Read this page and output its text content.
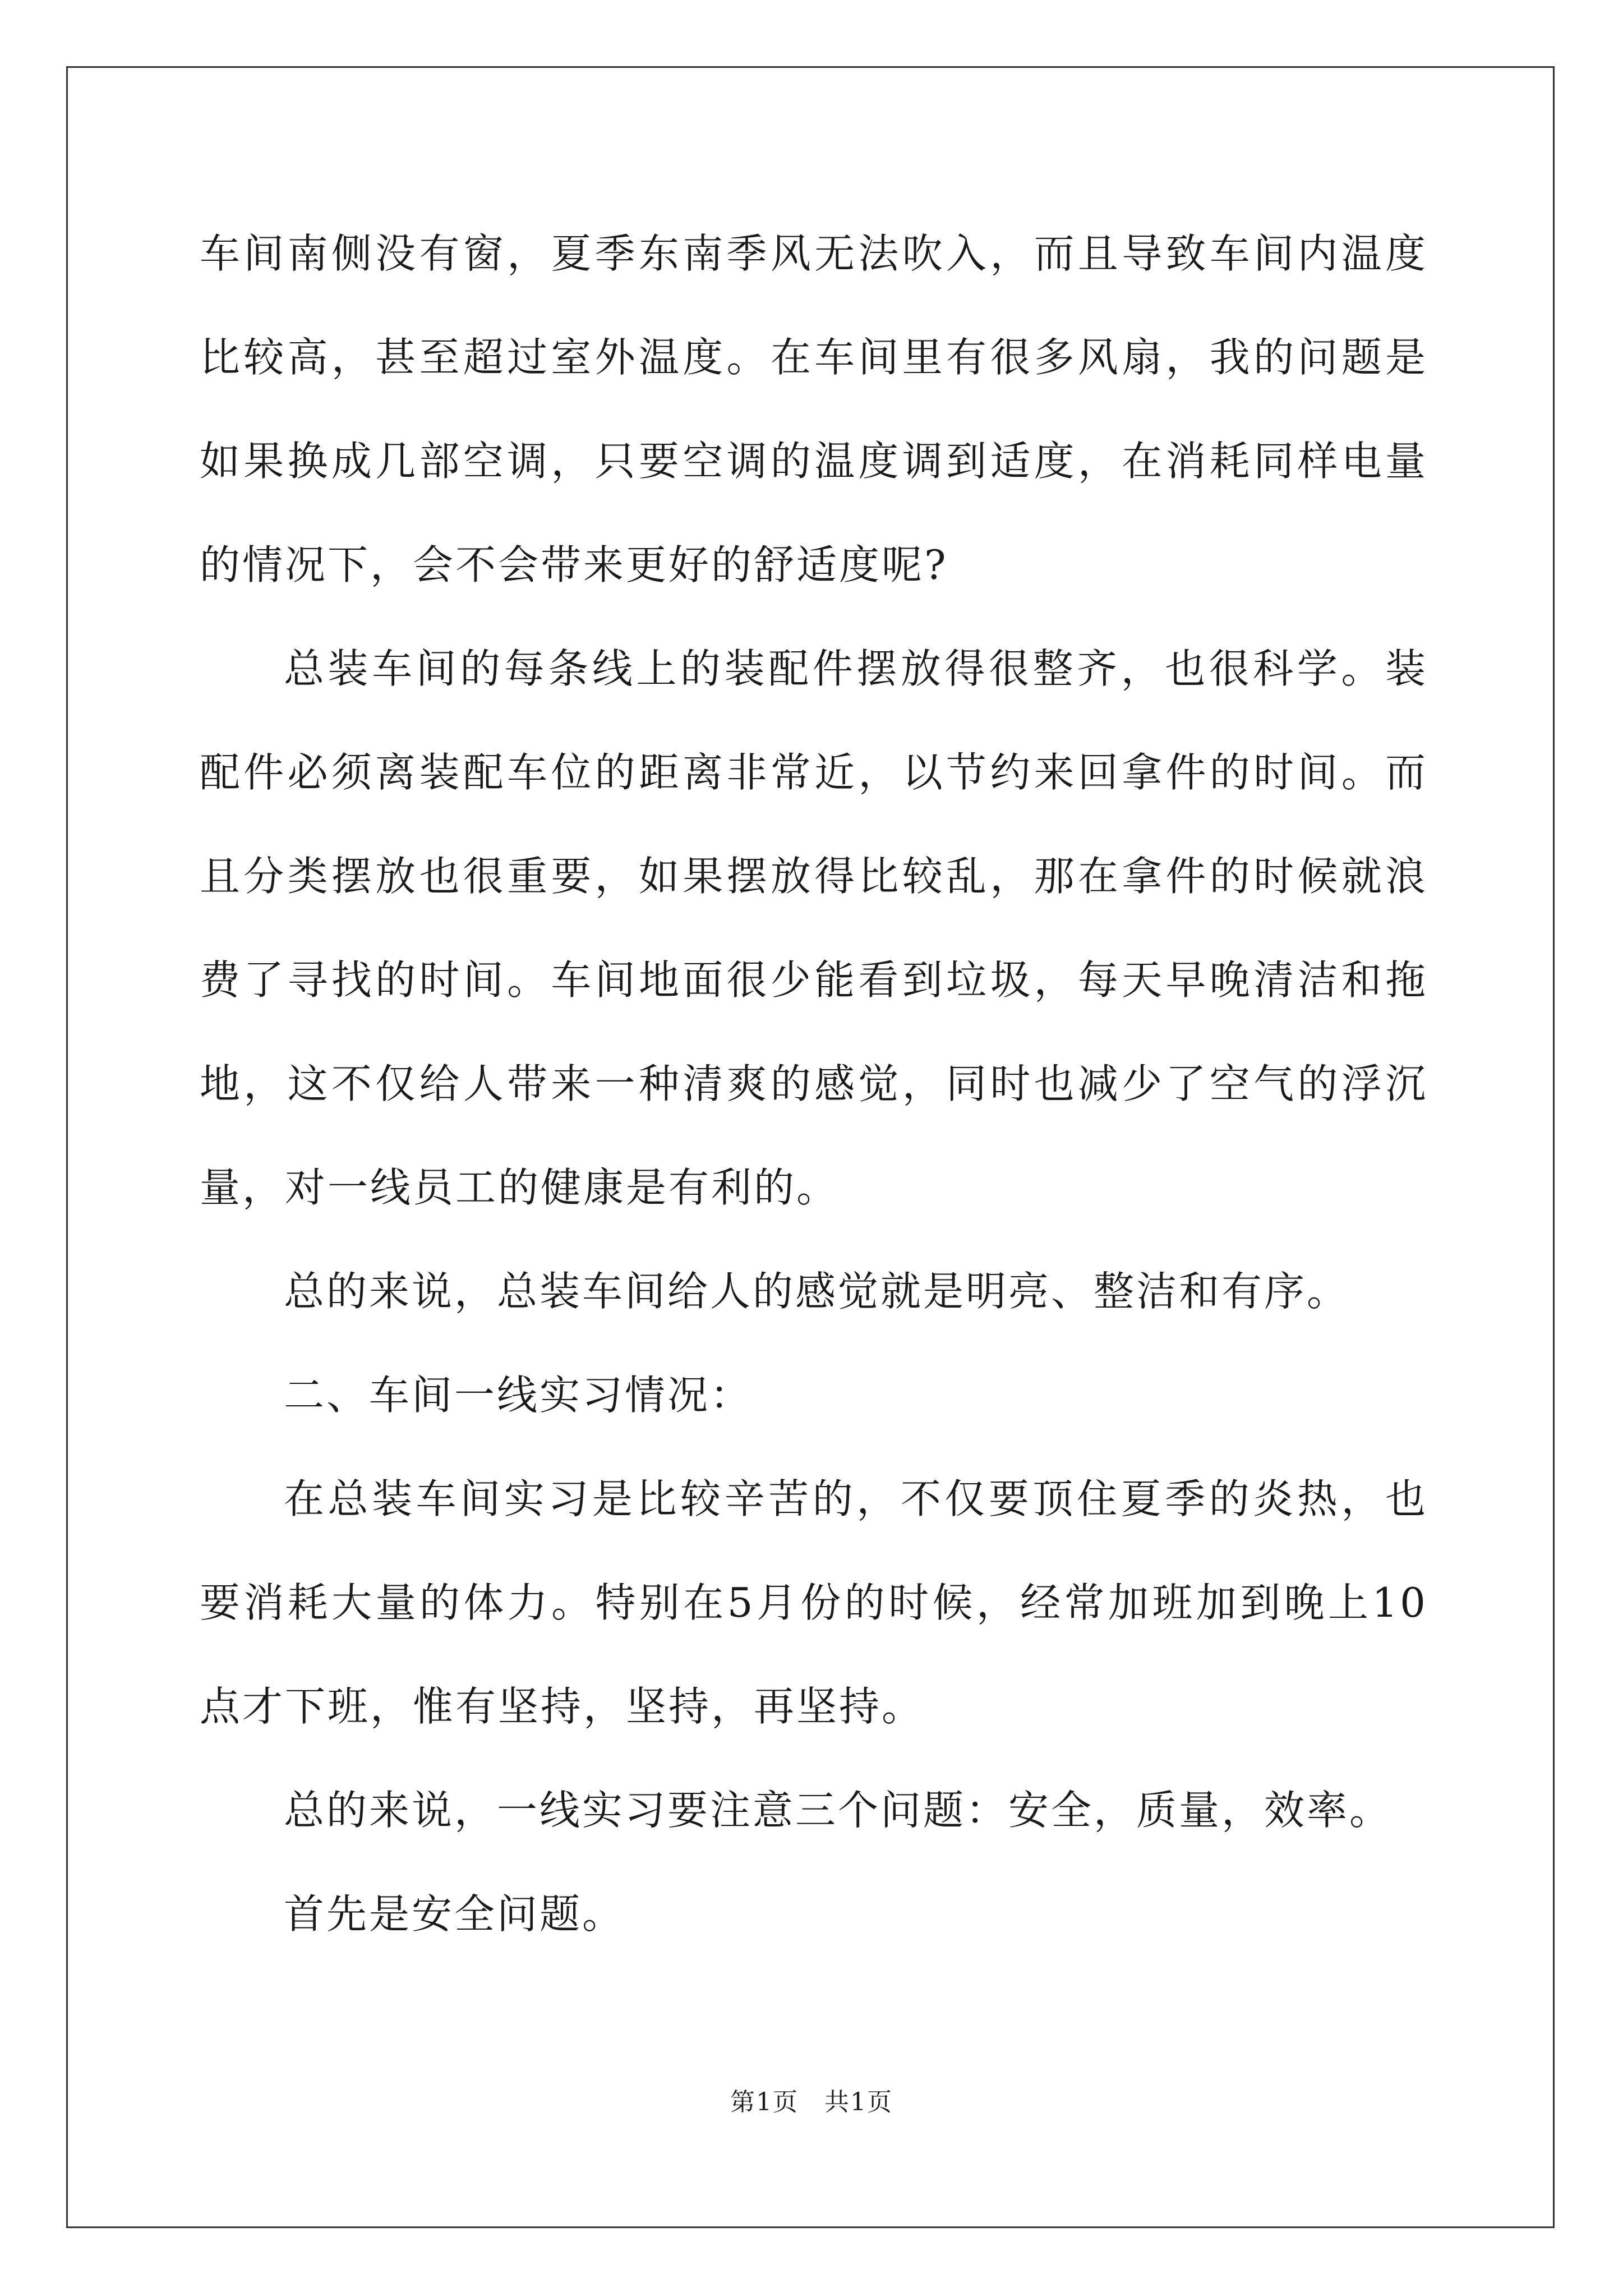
车间南侧没有窗，夏季东南季风无法吹入，而且导致车间内温度比较高，甚至超过室外温度。在车间里有很多风扇，我的问题是如果换成几部空调，只要空调的温度调到适度，在消耗同样电量的情况下，会不会带来更好的舒适度呢?

总装车间的每条线上的装配件摆放得很整齐，也很科学。装配件必须离装配车位的距离非常近，以节约来回拿件的时间。而且分类摆放也很重要，如果摆放得比较乱，那在拿件的时候就浪费了寻找的时间。车间地面很少能看到垃圾，每天早晚清洁和拖地，这不仅给人带来一种清爽的感觉，同时也减少了空气的浮沉量，对一线员工的健康是有利的。

总的来说，总装车间给人的感觉就是明亮、整洁和有序。

二、车间一线实习情况：

在总装车间实习是比较辛苦的，不仅要顶住夏季的炎热，也要消耗大量的体力。特别在5月份的时候，经常加班加到晚上10点才下班，惟有坚持，坚持，再坚持。

总的来说，一线实习要注意三个问题：安全，质量，效率。

首先是安全问题。

第1页　共1页
